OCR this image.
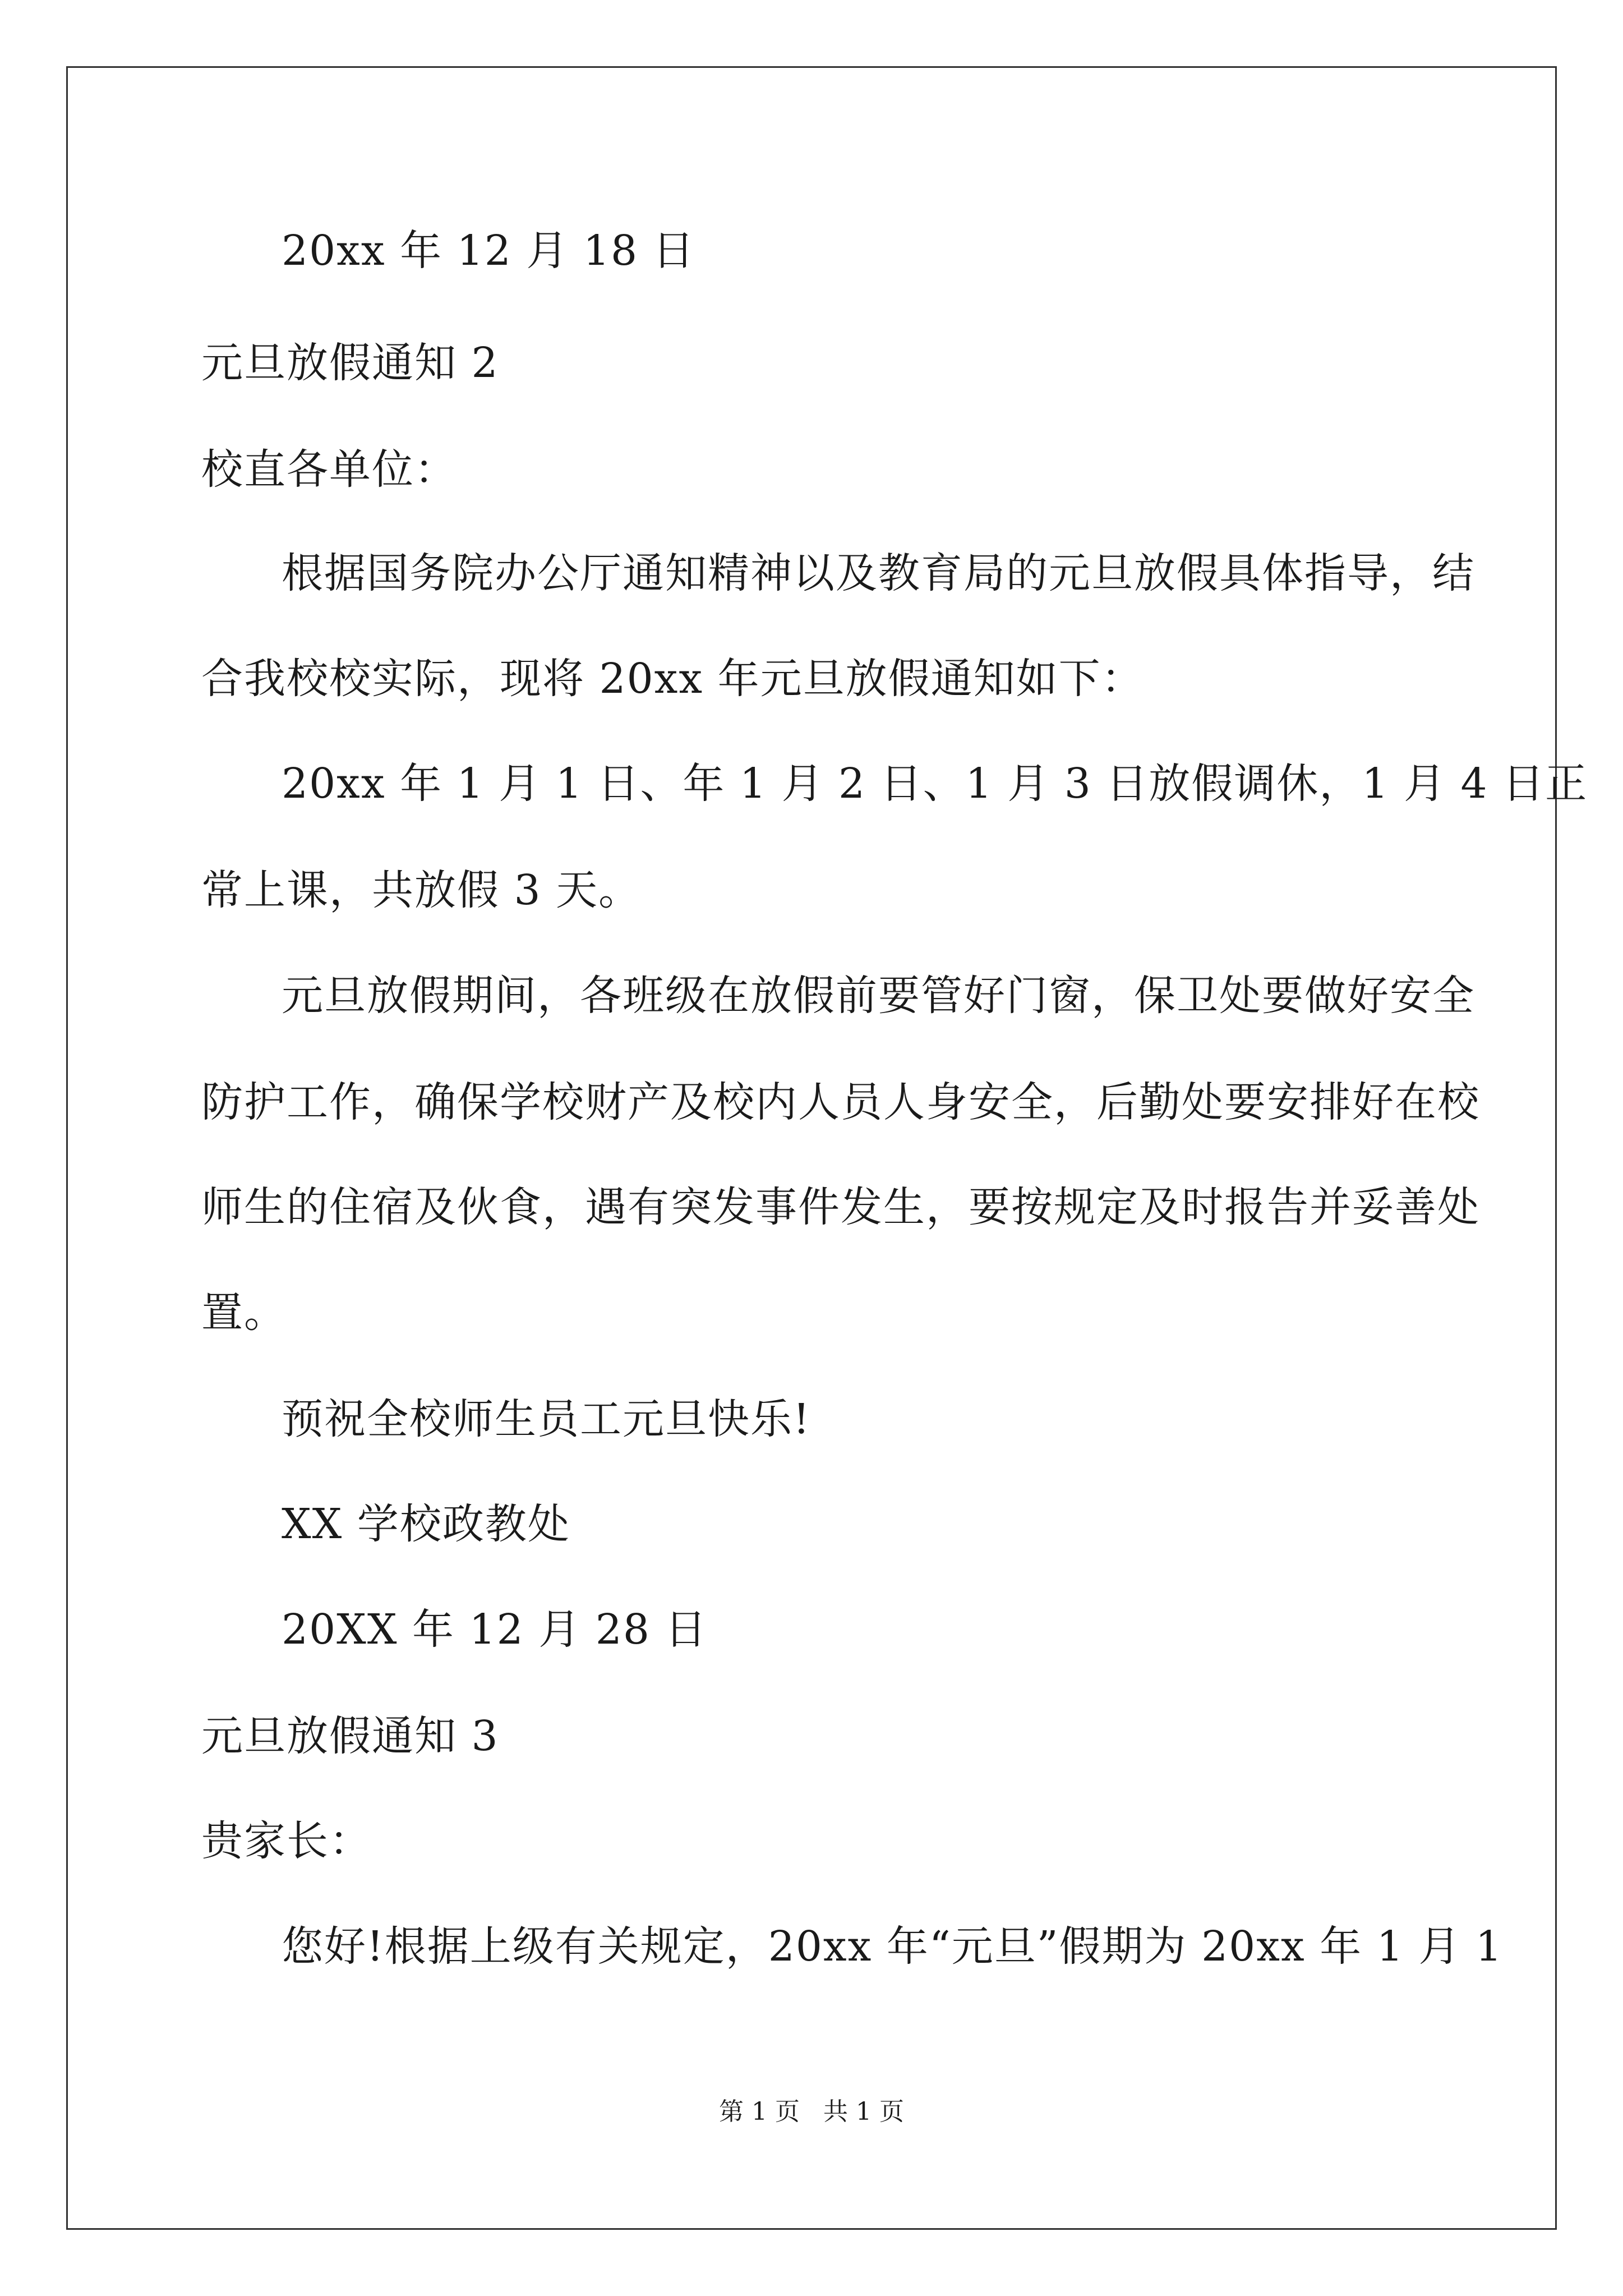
20xx 年 12 月 18 日
元旦放假通知 2
校直各单位：
根据国务院办公厅通知精神以及教育局的元旦放假具体指导，结
合我校校实际，现将 20xx 年元旦放假通知如下：
20xx 年 1 月 1 日、年 1 月 2 日、1 月 3 日放假调休，1 月 4 日正
常上课，共放假 3 天。
元旦放假期间，各班级在放假前要管好门窗，保卫处要做好安全
防护工作，确保学校财产及校内人员人身安全，后勤处要安排好在校
师生的住宿及伙食，遇有突发事件发生，要按规定及时报告并妥善处
置。
预祝全校师生员工元旦快乐!
XX 学校政教处
20XX 年 12 月 28 日
元旦放假通知 3
贵家长：
您好!根据上级有关规定，20xx 年“元旦”假期为 20xx 年 1 月 1
第 1 页   共 1 页
